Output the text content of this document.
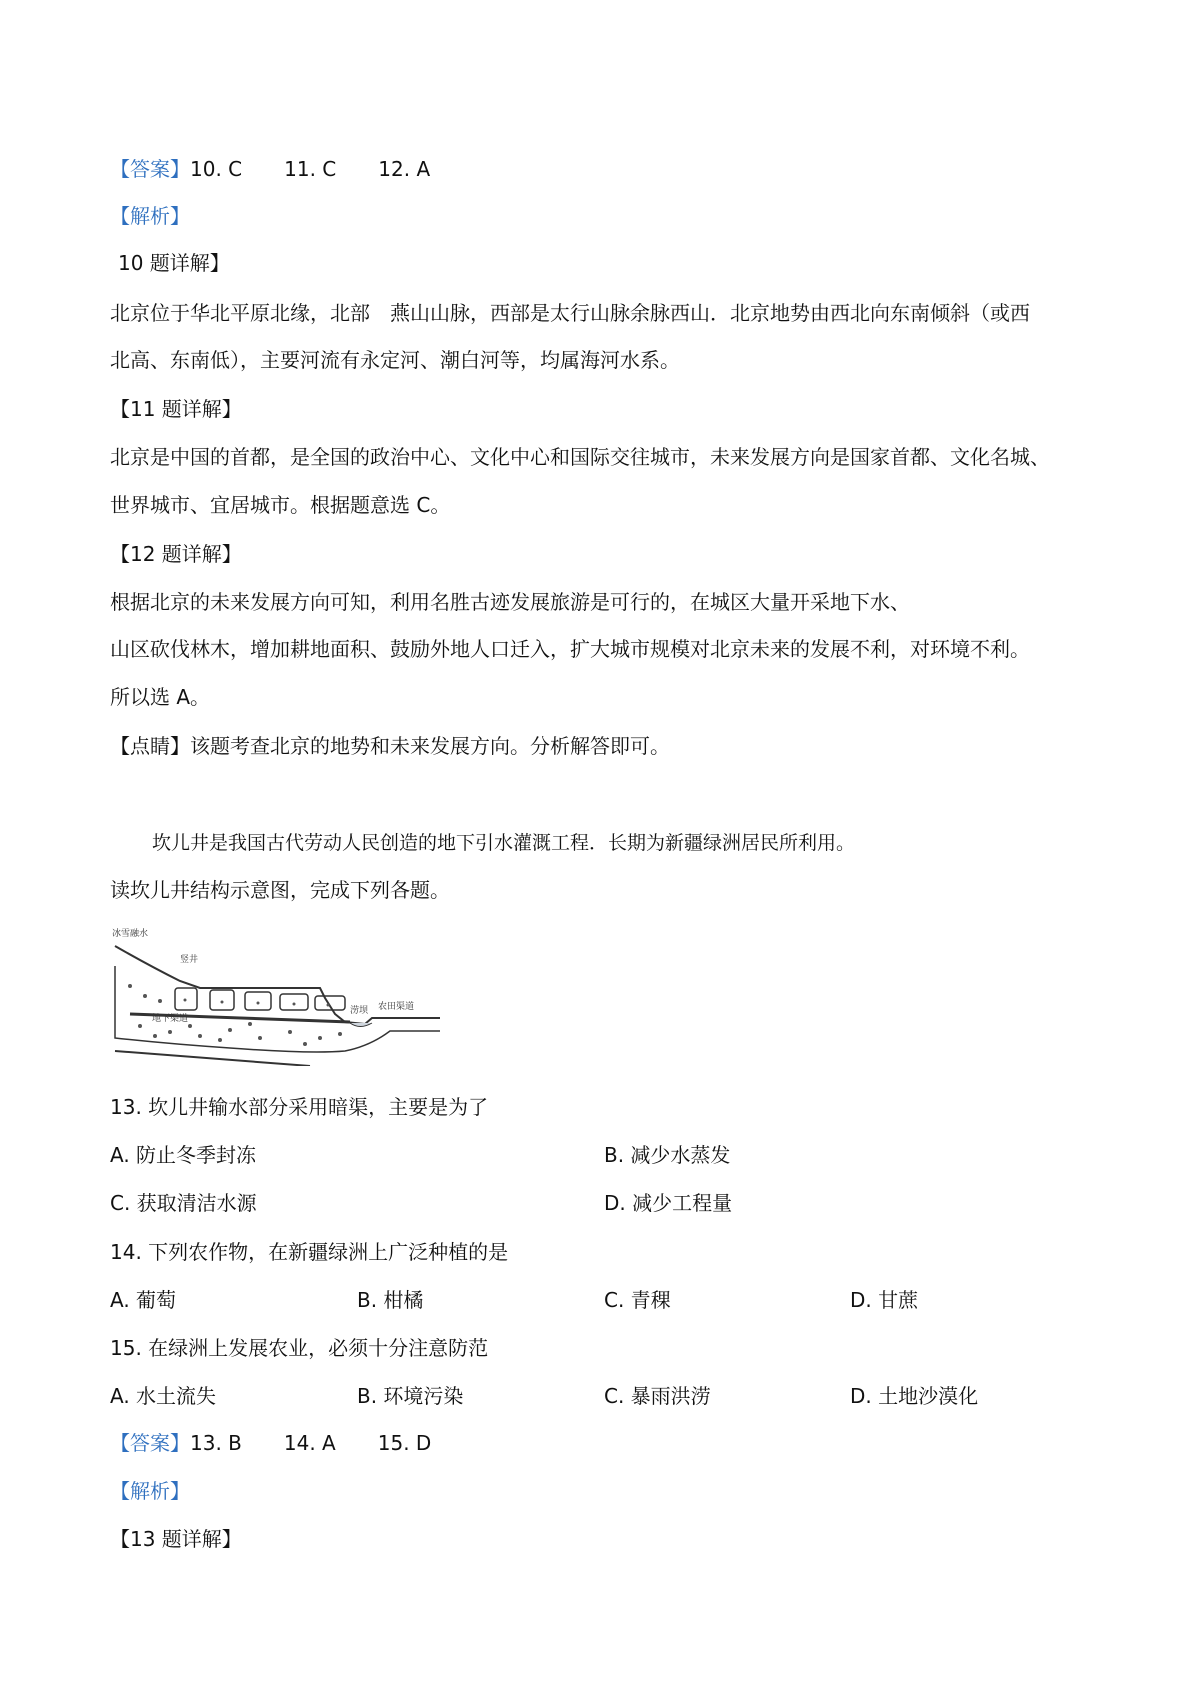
【答案】10. C 11. C 12. A
【解析】
10 题详解】
北京位于华北平原北缘，北部　燕山山脉，西部是太行山脉余脉西山．北京地势由西北向东南倾斜（或西
北高、东南低），主要河流有永定河、潮白河等，均属海河水系。
【11 题详解】
北京是中国的首都，是全国的政治中心、文化中心和国际交往城市，未来发展方向是国家首都、文化名城、
世界城市、宜居城市。根据题意选 C。
【12 题详解】
根据北京的未来发展方向可知，利用名胜古迹发展旅游是可行的，在城区大量开采地下水、
山区砍伐林木，增加耕地面积、鼓励外地人口迁入，扩大城市规模对北京未来的发展不利，对环境不利。
所以选 A。
【点睛】该题考查北京的地势和未来发展方向。分析解答即可。
坎儿井是我国古代劳动人民创造的地下引水灌溉工程．长期为新疆绿洲居民所利用。
读坎儿井结构示意图，完成下列各题。
冰雪融水
竖井
地下渠道
涝坝 农田渠道
13. 坎儿井输水部分采用暗渠，主要是为了
A. 防止冬季封冻	B. 减少水蒸发
C. 获取清洁水源	D. 减少工程量
14. 下列农作物，在新疆绿洲上广泛种植的是
A. 葡萄	B. 柑橘	C. 青稞	D. 甘蔗
15. 在绿洲上发展农业，必须十分注意防范
A. 水土流失	B. 环境污染	C. 暴雨洪涝	D. 土地沙漠化
【答案】13. B 14. A 15. D
【解析】
【13 题详解】
